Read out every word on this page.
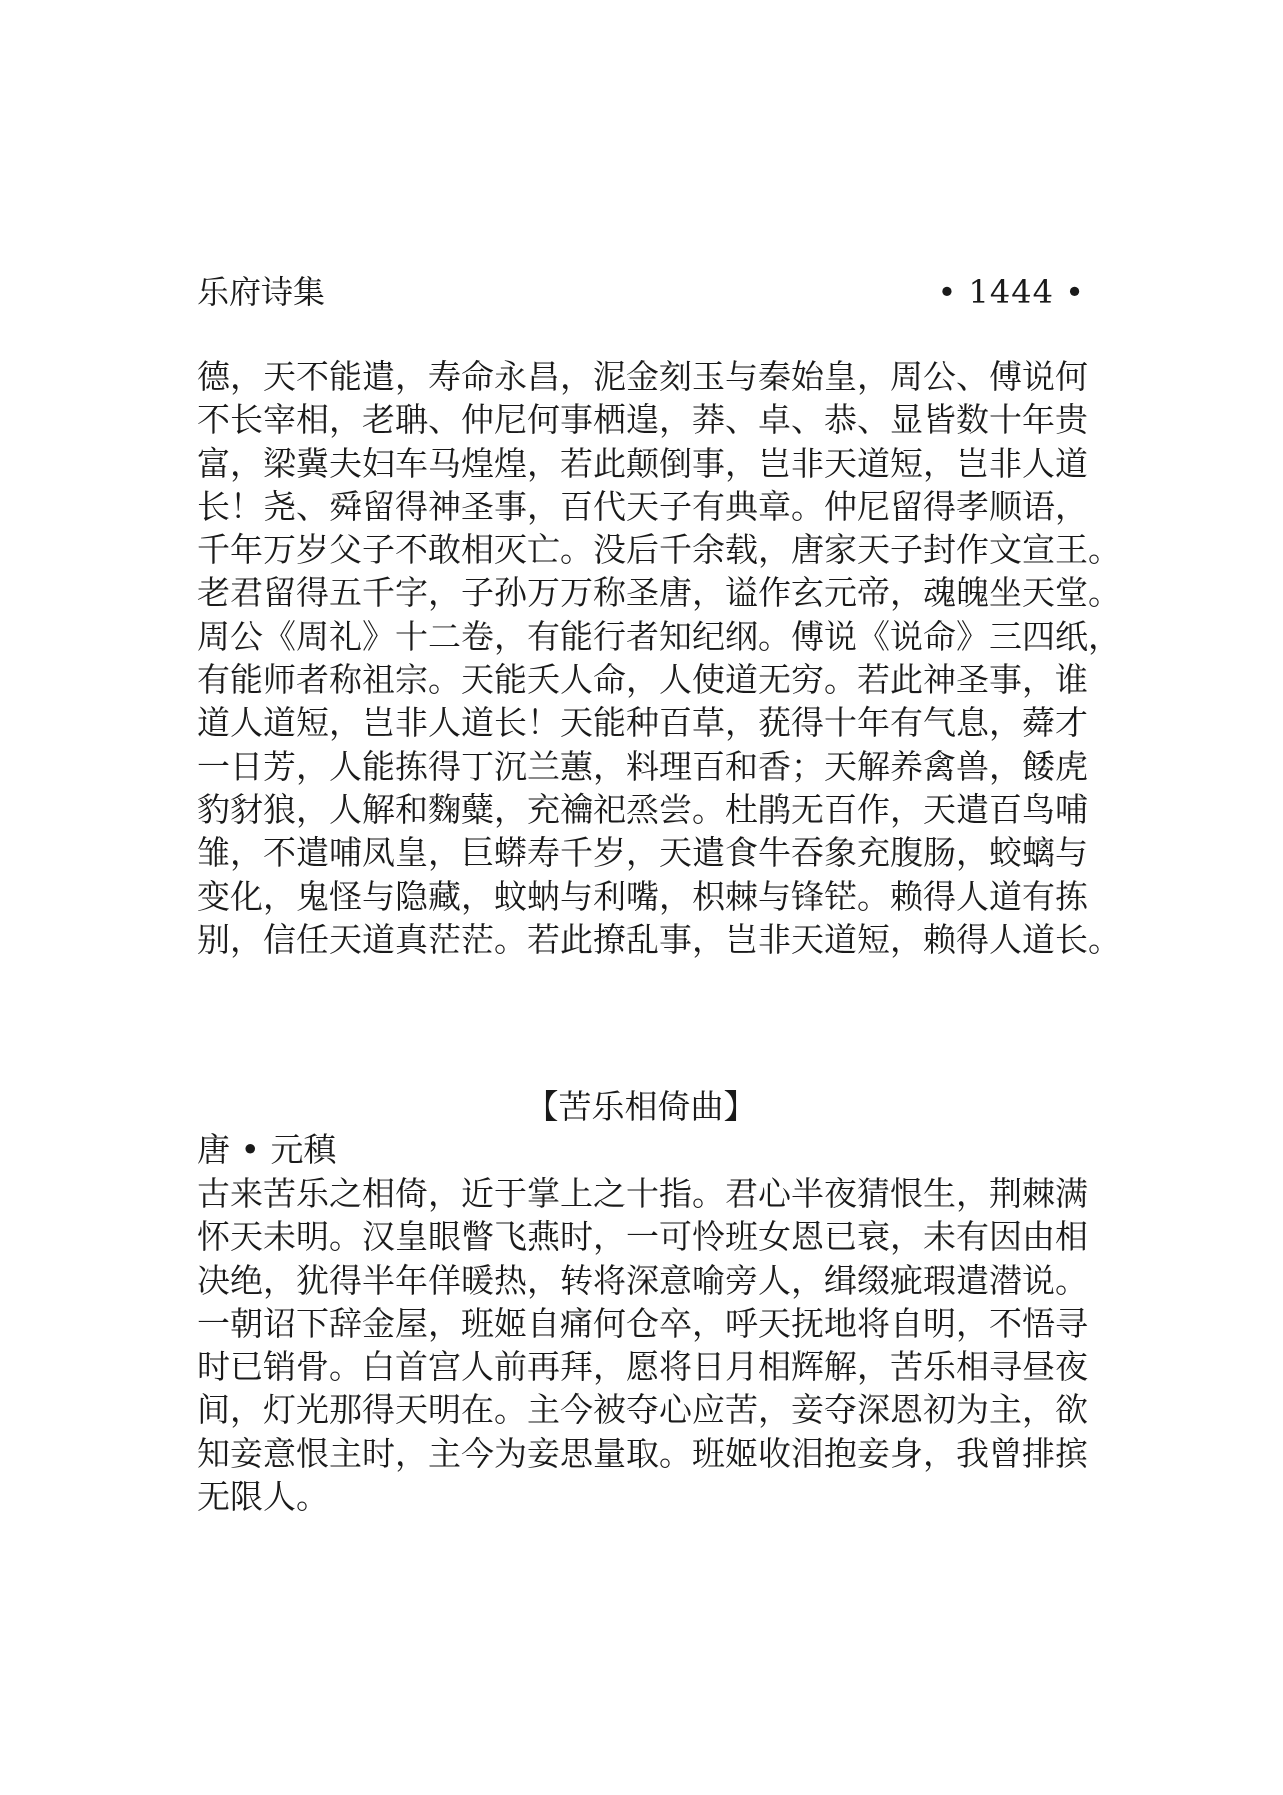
乐府诗集	• 1444 •
德，天不能遣，寿命永昌，泥金刻玉与秦始皇，周公、傅说何
不长宰相，老聃、仲尼何事栖遑，莽、卓、恭、显皆数十年贵
富，梁冀夫妇车马煌煌，若此颠倒事，岂非天道短，岂非人道
长！尧、舜留得神圣事，百代天子有典章。仲尼留得孝顺语，
千年万岁父子不敢相灭亡。没后千余载，唐家天子封作文宣王。
老君留得五千字，子孙万万称圣唐，谥作玄元帝，魂魄坐天堂。
周公《周礼》十二卷，有能行者知纪纲。傅说《说命》三四纸，
有能师者称祖宗。天能夭人命，人使道无穷。若此神圣事，谁
道人道短，岂非人道长！天能种百草，莸得十年有气息，蕣才
一日芳，人能拣得丁沉兰蕙，料理百和香；天解养禽兽，餧虎
豹豺狼，人解和麴糵，充禴祀烝尝。杜鹃无百作，天遣百鸟哺
雏，不遣哺凤皇，巨蟒寿千岁，天遣食牛吞象充腹肠，蛟螭与
变化，鬼怪与隐藏，蚊蚋与利嘴，枳棘与锋铓。赖得人道有拣
别，信任天道真茫茫。若此撩乱事，岂非天道短，赖得人道长。
【苦乐相倚曲】

唐 • 元稹

古来苦乐之相倚，近于掌上之十指。君心半夜猜恨生，荆棘满
怀天未明。汉皇眼瞥飞燕时，一可怜班女恩已衰，未有因由相
决绝，犹得半年佯暖热，转将深意喻旁人，缉缀疵瑕遣潜说。
一朝诏下辞金屋，班姬自痛何仓卒，呼天抚地将自明，不悟寻
时已销骨。白首宫人前再拜，愿将日月相辉解，苦乐相寻昼夜
间，灯光那得天明在。主今被夺心应苦，妾夺深恩初为主，欲
知妾意恨主时，主今为妾思量取。班姬收泪抱妾身，我曾排摈
无限人。
